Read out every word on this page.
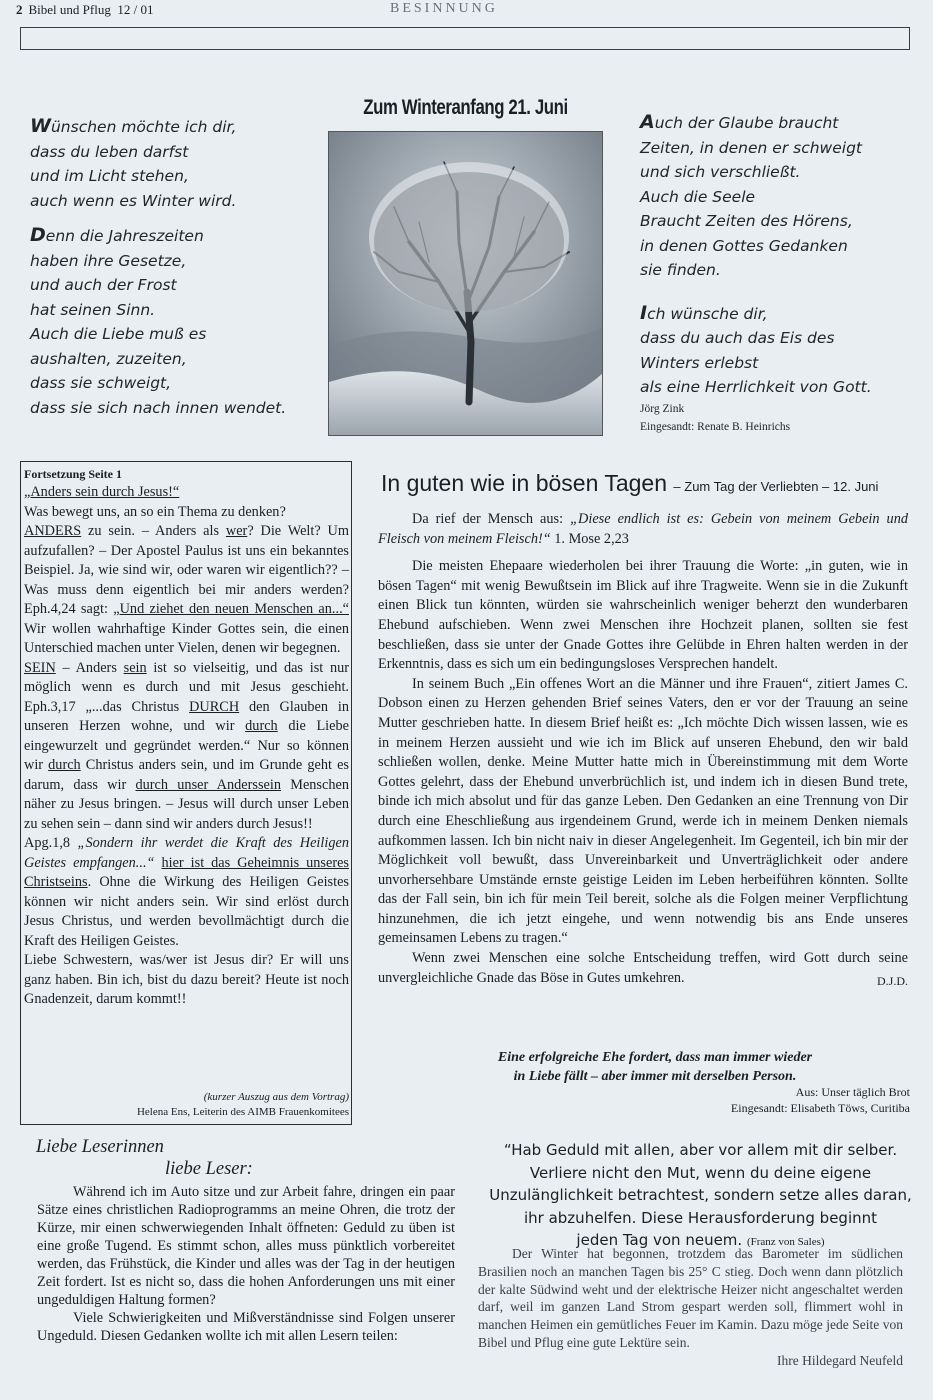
2 Bibel und Pflug 12 / 01	BESINNUNG

Wünschen möchte ich dir,

dass du leben darfst

und im Licht stehen,

auch wenn es Winter wird.

Denn die Jahreszeiten

haben ihre Gesetze,

und auch der Frost

hat seinen Sinn.

Auch die Liebe muß es

aushalten, zuzeiten,

dass sie schweigt,

dass sie sich nach innen wendet.

Zum Winteranfang 21. Juni

Auch der Glaube braucht

Zeiten, in denen er schweigt

und sich verschließt.

Auch die Seele

Braucht Zeiten des Hörens,

in denen Gottes Gedanken

sie finden.

Ich wünsche dir,

dass du auch das Eis des

Winters erlebst

als eine Herrlichkeit von Gott.

Jörg Zink

Eingesandt: Renate B. Heinrichs

Fortsetzung Seite 1

„Anders sein durch Jesus!“

Was bewegt uns, an so ein Thema zu denken?

ANDERS zu sein. – Anders als wer? Die Welt? Um aufzufallen? – Der Apostel Paulus ist uns ein bekanntes Beispiel. Ja, wie sind wir, oder waren wir eigentlich?? – Was muss denn eigentlich bei mir anders werden? Eph.4,24 sagt: „Und ziehet den neuen Menschen an...“ Wir wollen wahrhaftige Kinder Gottes sein, die einen Unterschied machen unter Vielen, denen wir begegnen.

SEIN – Anders sein ist so vielseitig, und das ist nur möglich wenn es durch und mit Jesus geschieht. Eph.3,17 „...das Christus DURCH den Glauben in unseren Herzen wohne, und wir durch die Liebe eingewurzelt und gegründet werden.“ Nur so können wir durch Christus anders sein, und im Grunde geht es darum, dass wir durch unser Anderssein Menschen näher zu Jesus bringen. – Jesus will durch unser Leben zu sehen sein – dann sind wir anders durch Jesus!!

Apg.1,8 „Sondern ihr werdet die Kraft des Heiligen Geistes empfangen...“ hier ist das Geheimnis unseres Christseins. Ohne die Wirkung des Heiligen Geistes können wir nicht anders sein. Wir sind erlöst durch Jesus Christus, und werden bevollmächtigt durch die Kraft des Heiligen Geistes.

Liebe Schwestern, was/wer ist Jesus dir? Er will uns ganz haben. Bin ich, bist du dazu bereit? Heute ist noch Gnadenzeit, darum kommt!!

(kurzer Auszug aus dem Vortrag)
Helena Ens, Leiterin des AIMB Frauenkomitees
In guten wie in bösen Tagen – Zum Tag der Verliebten – 12. Juni

Da rief der Mensch aus: „Diese endlich ist es: Gebein von meinem Gebein und Fleisch von meinem Fleisch!“ 1. Mose 2,23

Die meisten Ehepaare wiederholen bei ihrer Trauung die Worte: „in guten, wie in bösen Tagen“ mit wenig Bewußtsein im Blick auf ihre Tragweite. Wenn sie in die Zukunft einen Blick tun könnten, würden sie wahrscheinlich weniger beherzt den wunderbaren Ehebund aufschieben. Wenn zwei Menschen ihre Hochzeit planen, sollten sie fest beschließen, dass sie unter der Gnade Gottes ihre Gelübde in Ehren halten werden in der Erkenntnis, dass es sich um ein bedingungsloses Versprechen handelt.

In seinem Buch „Ein offenes Wort an die Männer und ihre Frauen“, zitiert James C. Dobson einen zu Herzen gehenden Brief seines Vaters, den er vor der Trauung an seine Mutter geschrieben hatte. In diesem Brief heißt es: „Ich möchte Dich wissen lassen, wie es in meinem Herzen aussieht und wie ich im Blick auf unseren Ehebund, den wir bald schließen wollen, denke. Meine Mutter hatte mich in Übereinstimmung mit dem Worte Gottes gelehrt, dass der Ehebund unverbrüchlich ist, und indem ich in diesen Bund trete, binde ich mich absolut und für das ganze Leben. Den Gedanken an eine Trennung von Dir durch eine Eheschließung aus irgendeinem Grund, werde ich in meinem Denken niemals aufkommen lassen. Ich bin nicht naiv in dieser Angelegenheit. Im Gegenteil, ich bin mir der Möglichkeit voll bewußt, dass Unvereinbarkeit und Unverträglichkeit oder andere unvorhersehbare Umstände ernste geistige Leiden im Leben herbeiführen könnten. Sollte das der Fall sein, bin ich für mein Teil bereit, solche als die Folgen meiner Verpflichtung hinzunehmen, die ich jetzt eingehe, und wenn notwendig bis ans Ende unseres gemeinsamen Lebens zu tragen.“

Wenn zwei Menschen eine solche Entscheidung treffen, wird Gott durch seine unvergleichliche Gnade das Böse in Gutes umkehren.	D.J.D.

Eine erfolgreiche Ehe fordert, dass man immer wieder
in Liebe fällt – aber immer mit derselben Person.
Aus: Unser täglich Brot
Eingesandt: Elisabeth Töws, Curitiba
Liebe Leserinnen
liebe Leser:

Während ich im Auto sitze und zur Arbeit fahre, dringen ein paar Sätze eines christlichen Radioprogramms an meine Ohren, die trotz der Kürze, mir einen schwerwiegenden Inhalt öffneten: Geduld zu üben ist eine große Tugend. Es stimmt schon, alles muss pünktlich vorbereitet werden, das Frühstück, die Kinder und alles was der Tag in der heutigen Zeit fordert. Ist es nicht so, dass die hohen Anforderungen uns mit einer ungeduldigen Haltung formen?

Viele Schwierigkeiten und Mißverständnisse sind Folgen unserer Ungeduld. Diesen Gedanken wollte ich mit allen Lesern teilen:

“Hab Geduld mit allen, aber vor allem mit dir selber.
Verliere nicht den Mut, wenn du deine eigene
Unzulänglichkeit betrachtest, sondern setze alles daran,
ihr abzuhelfen. Diese Herausforderung beginnt
jeden Tag von neuem. (Franz von Sales)

Der Winter hat begonnen, trotzdem das Barometer im südlichen Brasilien noch an manchen Tagen bis 25° C stieg. Doch wenn dann plötzlich der kalte Südwind weht und der elektrische Heizer nicht angeschaltet werden darf, weil im ganzen Land Strom gespart werden soll, flimmert wohl in manchen Heimen ein gemütliches Feuer im Kamin. Dazu möge jede Seite von Bibel und Pflug eine gute Lektüre sein.

Ihre Hildegard Neufeld
